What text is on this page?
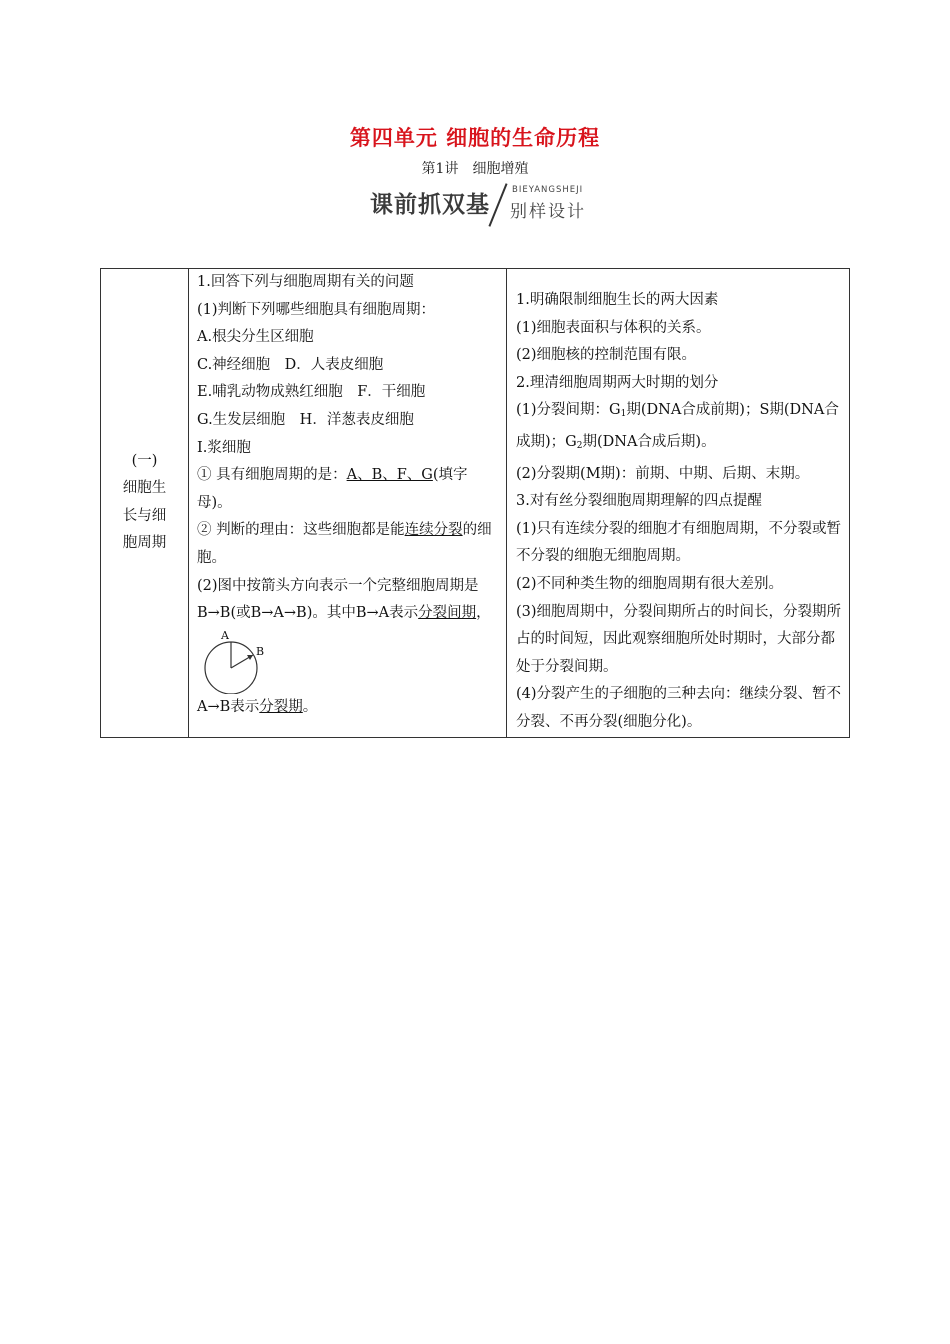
第四单元 细胞的生命历程
第1讲　细胞增殖
课前抓双基
BIEYANGSHEJI
别样设计
(一)
细胞生
长与细
胞周期

1.回答下列与细胞周期有关的问题
(1)判断下列哪些细胞具有细胞周期：
A.根尖分生区细胞
C.神经细胞　D．人表皮细胞
E.哺乳动物成熟红细胞　F．干细胞
G.生发层细胞　H．洋葱表皮细胞
I.浆细胞
① 具有细胞周期的是：A、B、F、G(填字母)。
② 判断的理由：这些细胞都是能连续分裂的细胞。
(2)图中按箭头方向表示一个完整细胞周期是
B→B(或B→A→B)。其中B→A表示分裂间期，
A
B
A→B表示分裂期。

1.明确限制细胞生长的两大因素
(1)细胞表面积与体积的关系。
(2)细胞核的控制范围有限。
2.理清细胞周期两大时期的划分
(1)分裂间期：$G_1$期(DNA合成前期)；S期(DNA合成期)；$G_2$期(DNA合成后期)。
(2)分裂期(M期)：前期、中期、后期、末期。
3.对有丝分裂细胞周期理解的四点提醒
(1)只有连续分裂的细胞才有细胞周期，不分裂或暂不分裂的细胞无细胞周期。
(2)不同种类生物的细胞周期有很大差别。
(3)细胞周期中，分裂间期所占的时间长，分裂期所占的时间短，因此观察细胞所处时期时，大部分都处于分裂间期。
(4)分裂产生的子细胞的三种去向：继续分裂、暂不分裂、不再分裂(细胞分化)。
